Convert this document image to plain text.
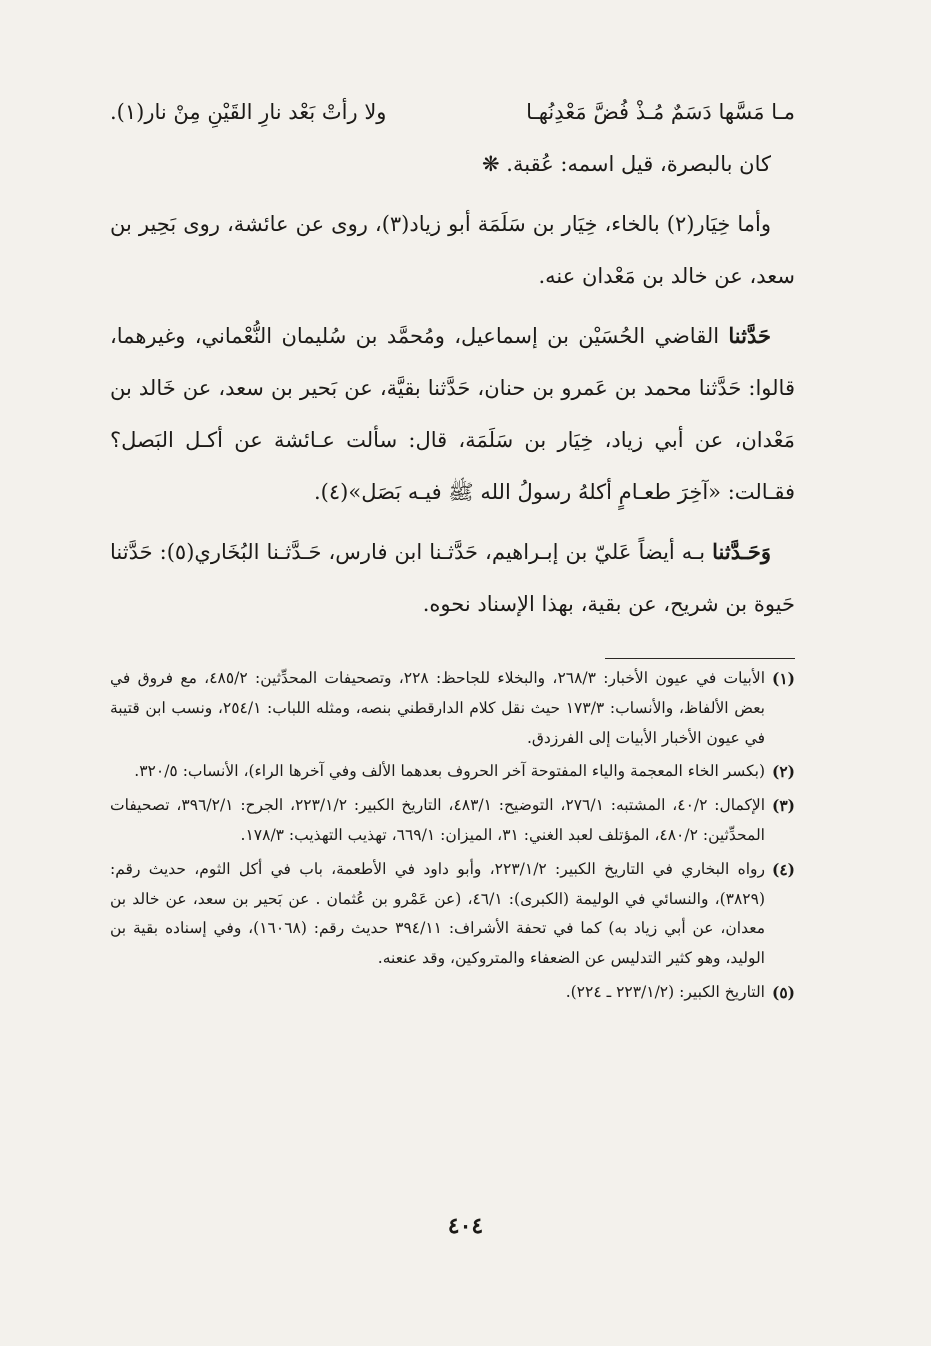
مـا مَسَّها دَسَمٌ مُـذْ فُضَّ مَعْدِنُهـا
ولا رأتْ بَعْد نارِ القَيْنِ مِنْ نار(١).

كان بالبصرة، قيل اسمه: عُقبة. ❋

وأما خِيَار(٢) بالخاء، خِيَار بن سَلَمَة أبو زياد(٣)، روى عن عائشة، روى بَحِير بن سعد، عن خالد بن مَعْدان عنه.

حَدَّثنا القاضي الحُسَيْن بن إسماعيل، ومُحمَّد بن سُليمان النُّعْماني، وغيرهما، قالوا: حَدَّثنا محمد بن عَمرو بن حنان، حَدَّثنا بقيَّة، عن بَحير بن سعد، عن خَالد بن مَعْدان، عن أبي زياد، خِيَار بن سَلَمَة، قال: سألت عـائشة عن أكـل البَصل؟ فقـالت: «آخِرَ طعـامٍ أكلهُ رسولُ الله ﷺ فيـه بَصَل»(٤).

وَحَـدَّثنا بـه أيضاً عَليّ بن إبـراهيم، حَدَّثـنا ابن فارس، حَـدَّثـنا البُخَاري(٥): حَدَّثنا حَيوة بن شريح، عن بقية، بهذا الإسناد نحوه.

(١)
الأبيات في عيون الأخبار: ٢٦٨/٣، والبخلاء للجاحظ: ٢٢٨، وتصحيفات المحدِّثين: ٤٨٥/٢، مع فروق في بعض الألفاظ، والأنساب: ١٧٣/٣ حيث نقل كلام الدارقطني بنصه، ومثله اللباب: ٢٥٤/١، ونسب ابن قتيبة في عيون الأخبار الأبيات إلى الفرزدق.

(٢)
(بكسر الخاء المعجمة والياء المفتوحة آخر الحروف بعدهما الألف وفي آخرها الراء)، الأنساب: ٣٢٠/٥.

(٣)
الإكمال: ٤٠/٢، المشتبه: ٢٧٦/١، التوضيح: ٤٨٣/١، التاريخ الكبير: ٢٢٣/١/٢، الجرح: ٣٩٦/٢/١، تصحيفات المحدِّثين: ٤٨٠/٢، المؤتلف لعبد الغني: ٣١، الميزان: ٦٦٩/١، تهذيب التهذيب: ١٧٨/٣.

(٤)
رواه البخاري في التاريخ الكبير: ٢٢٣/١/٢، وأبو داود في الأطعمة، باب في أكل الثوم، حديث رقم: (٣٨٢٩)، والنسائي في الوليمة (الكبرى): ٤٦/١، (عن عَمْرو بن عُثمان . عن بَحير بن سعد، عن خالد بن معدان، عن أبي زياد به) كما في تحفة الأشراف: ٣٩٤/١١ حديث رقم: (١٦٠٦٨)، وفي إسناده بقية بن الوليد، وهو كثير التدليس عن الضعفاء والمتروكين، وقد عنعنه.

(٥)
التاريخ الكبير: (٢٢٣/١/٢ ـ ٢٢٤).

٤٠٤
